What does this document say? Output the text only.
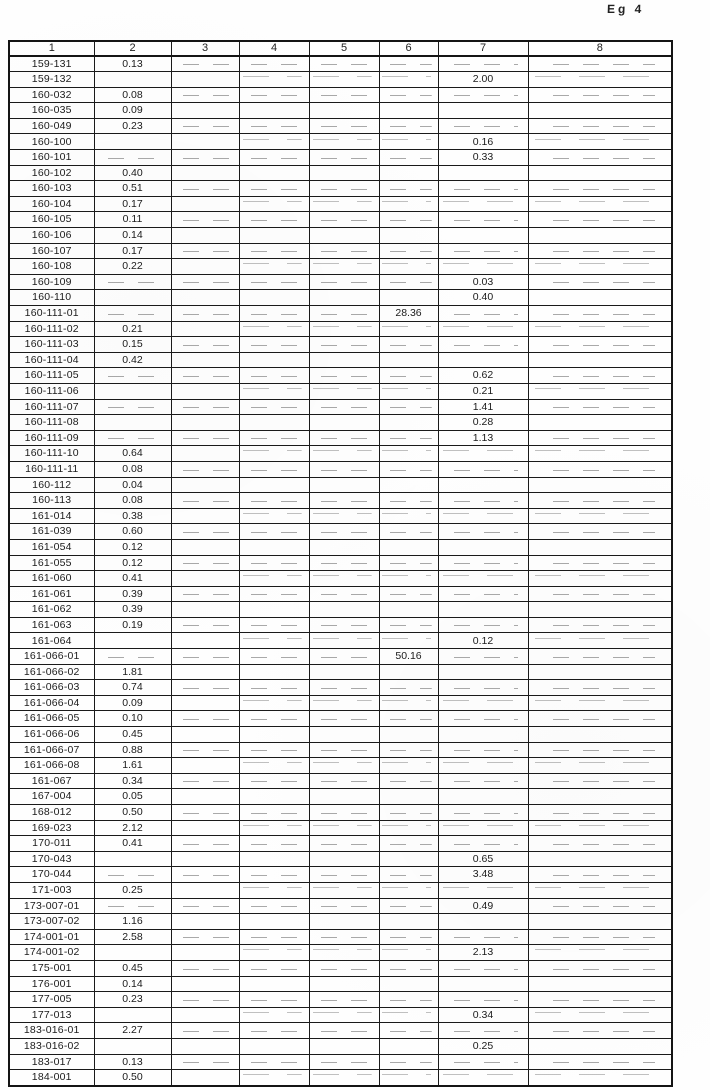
Eg 4
1	2	3	4	5	6	7	8
159-131	0.13						
159-132						2.00	
160-032	0.08						
160-035	0.09						
160-049	0.23						
160-100						0.16	
160-101						0.33	
160-102	0.40						
160-103	0.51						
160-104	0.17						
160-105	0.11						
160-106	0.14						
160-107	0.17						
160-108	0.22						
160-109						0.03	
160-110						0.40	
160-111-01					28.36		
160-111-02	0.21						
160-111-03	0.15						
160-111-04	0.42						
160-111-05						0.62	
160-111-06						0.21	
160-111-07						1.41	
160-111-08						0.28	
160-111-09						1.13	
160-111-10	0.64						
160-111-11	0.08						
160-112	0.04						
160-113	0.08						
161-014	0.38						
161-039	0.60						
161-054	0.12						
161-055	0.12						
161-060	0.41						
161-061	0.39						
161-062	0.39						
161-063	0.19						
161-064						0.12	
161-066-01					50.16		
161-066-02	1.81						
161-066-03	0.74						
161-066-04	0.09						
161-066-05	0.10						
161-066-06	0.45						
161-066-07	0.88						
161-066-08	1.61						
161-067	0.34						
167-004	0.05						
168-012	0.50						
169-023	2.12						
170-011	0.41						
170-043						0.65	
170-044						3.48	
171-003	0.25						
173-007-01						0.49	
173-007-02	1.16						
174-001-01	2.58						
174-001-02						2.13	
175-001	0.45						
176-001	0.14						
177-005	0.23						
177-013						0.34	
183-016-01	2.27						
183-016-02						0.25	
183-017	0.13						
184-001	0.50						
